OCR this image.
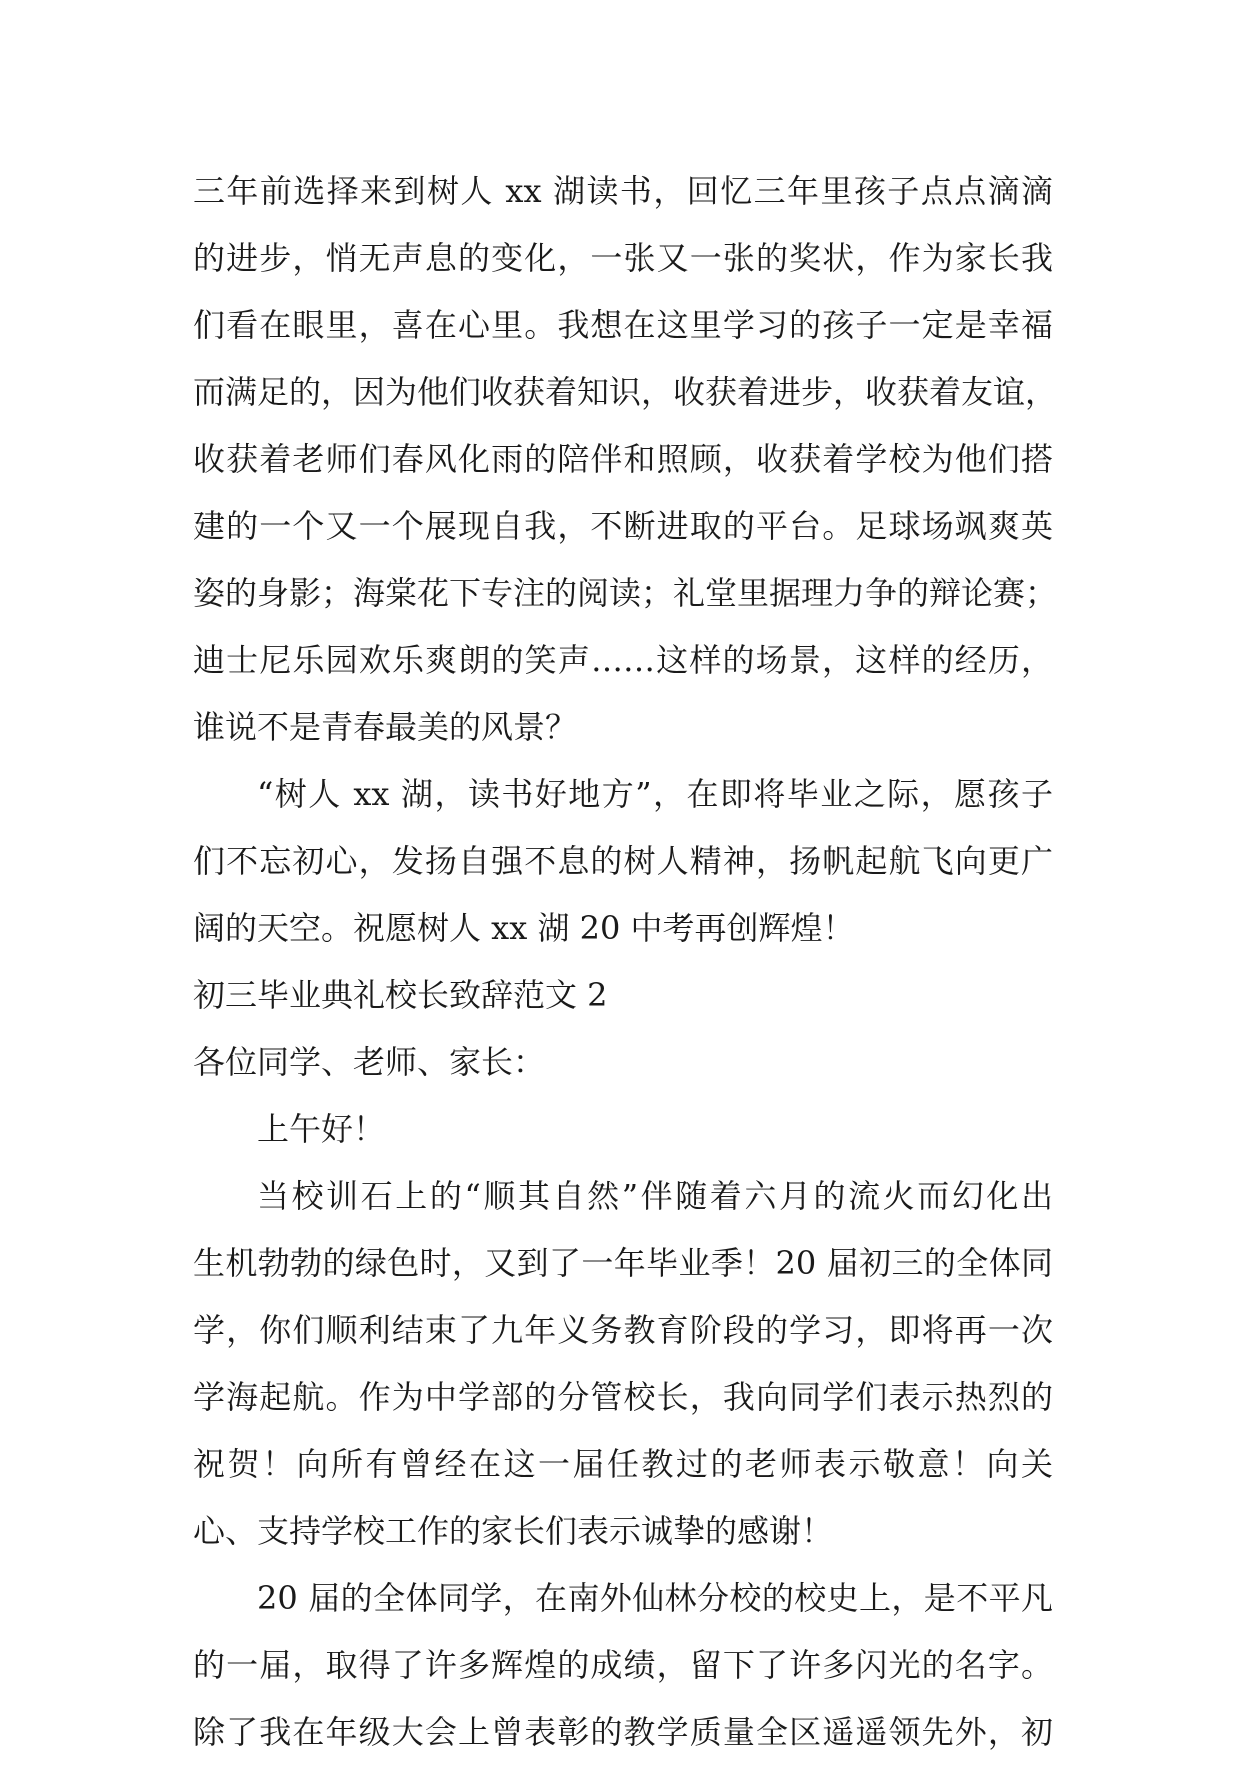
三年前选择来到树人 xx 湖读书，回忆三年里孩子点点滴滴
的进步，悄无声息的变化，一张又一张的奖状，作为家长我
们看在眼里，喜在心里。我想在这里学习的孩子一定是幸福
而满足的，因为他们收获着知识，收获着进步，收获着友谊，
收获着老师们春风化雨的陪伴和照顾，收获着学校为他们搭
建的一个又一个展现自我，不断进取的平台。足球场飒爽英
姿的身影；海棠花下专注的阅读；礼堂里据理力争的辩论赛；
迪士尼乐园欢乐爽朗的笑声……这样的场景，这样的经历，
谁说不是青春最美的风景？
“树人 xx 湖，读书好地方”，在即将毕业之际，愿孩子
们不忘初心，发扬自强不息的树人精神，扬帆起航飞向更广
阔的天空。祝愿树人 xx 湖 20 中考再创辉煌！
初三毕业典礼校长致辞范文 2
各位同学、老师、家长：
上午好！
当校训石上的“顺其自然”伴随着六月的流火而幻化出
生机勃勃的绿色时，又到了一年毕业季！20 届初三的全体同
学，你们顺利结束了九年义务教育阶段的学习，即将再一次
学海起航。作为中学部的分管校长，我向同学们表示热烈的
祝贺！向所有曾经在这一届任教过的老师表示敬意！向关
心、支持学校工作的家长们表示诚挚的感谢！
20 届的全体同学，在南外仙林分校的校史上，是不平凡
的一届，取得了许多辉煌的成绩，留下了许多闪光的名字。
除了我在年级大会上曾表彰的教学质量全区遥遥领先外，初
